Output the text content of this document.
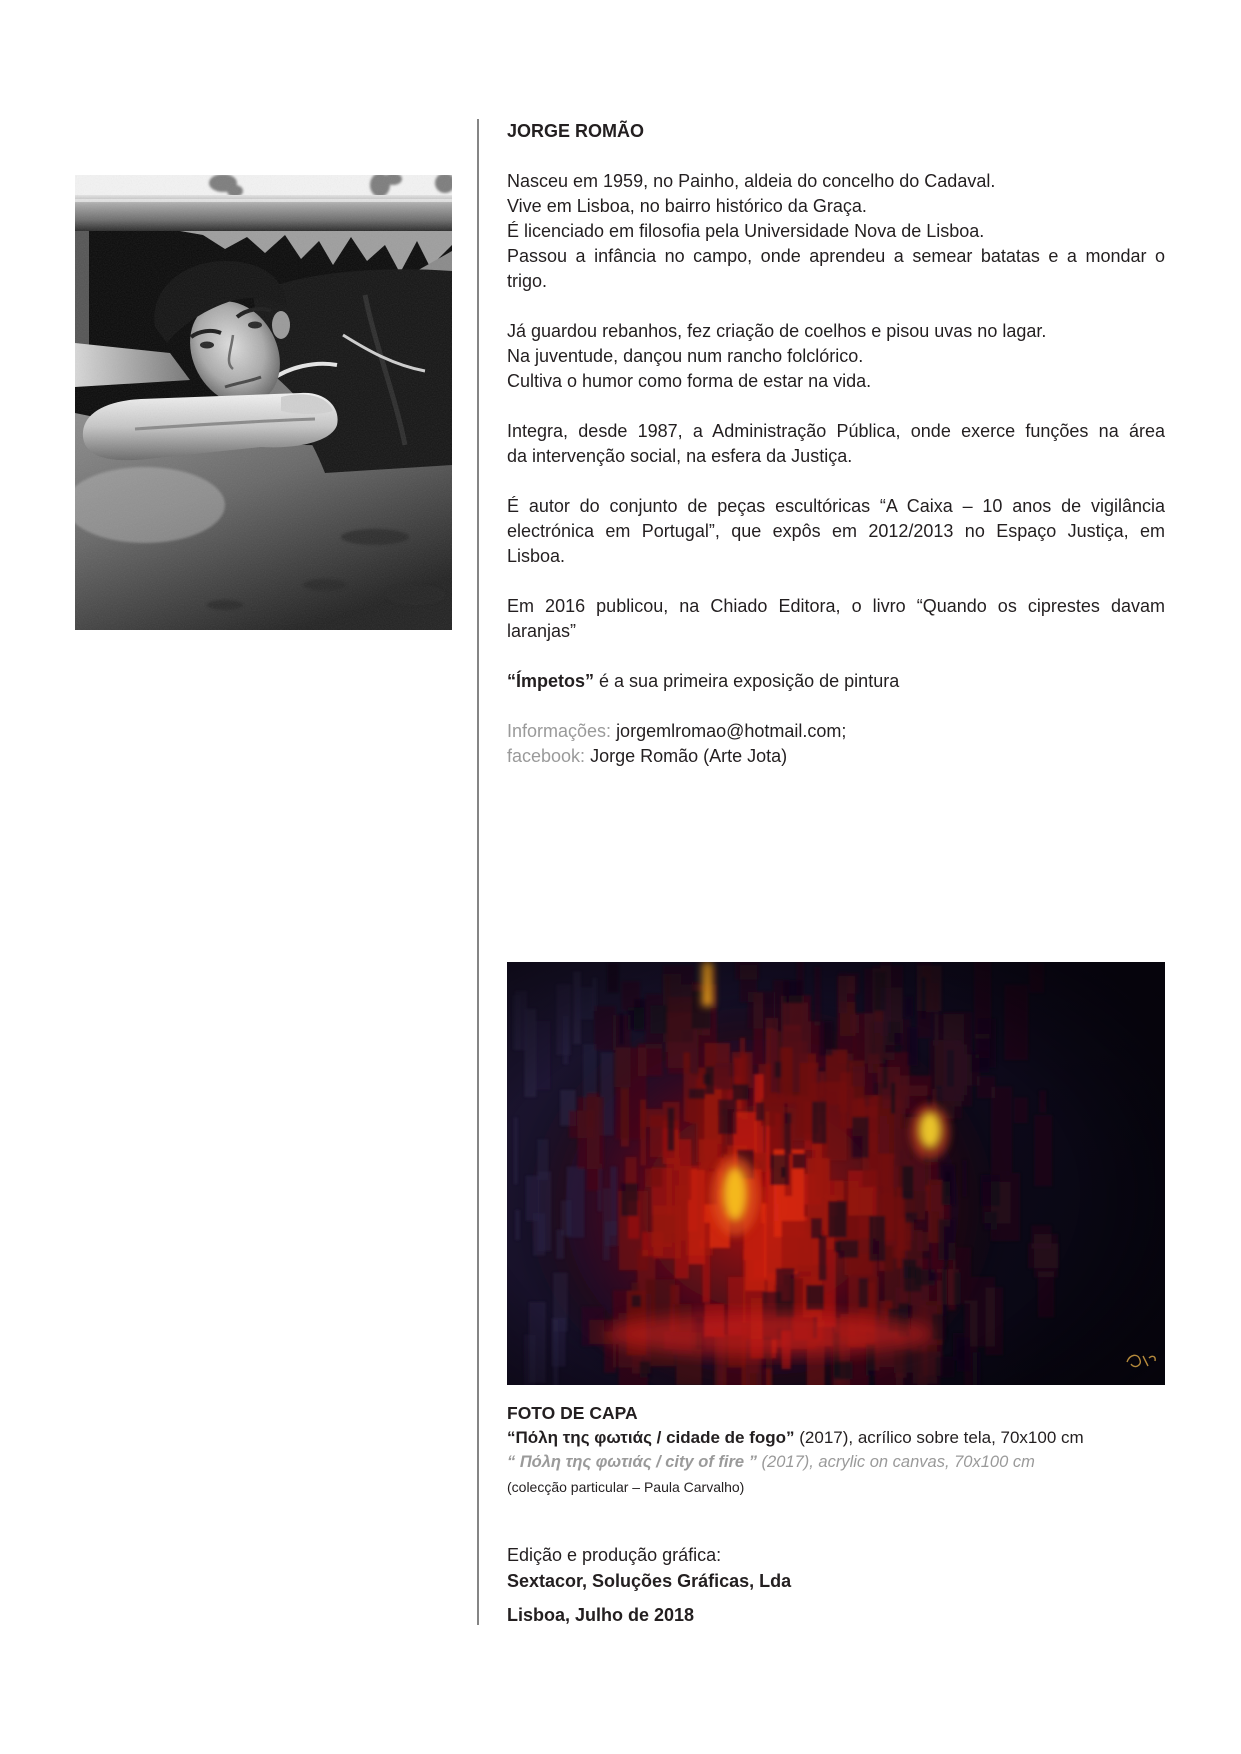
JORGE ROMÃO
Nasceu em 1959, no Painho, aldeia do concelho do Cadaval.
Vive em Lisboa, no bairro histórico da Graça.
É licenciado em filosofia pela Universidade Nova de Lisboa.
Passou a infância no campo, onde aprendeu a semear batatas e a mondar o
trigo.
Já guardou rebanhos, fez criação de coelhos e pisou uvas no lagar.
Na juventude, dançou num rancho folclórico.
Cultiva o humor como forma de estar na vida.
Integra, desde 1987, a Administração Pública, onde exerce funções na área
da intervenção social, na esfera da Justiça.
É autor do conjunto de peças escultóricas “A Caixa – 10 anos de vigilância
electrónica em Portugal”, que expôs em 2012/2013 no Espaço Justiça, em
Lisboa.
Em 2016 publicou, na Chiado Editora, o livro “Quando os ciprestes davam
laranjas”
“Ímpetos” é a sua primeira exposição de pintura
Informações: jorgemlromao@hotmail.com;
facebook: Jorge Romão (Arte Jota)
FOTO DE CAPA
“Πόλη της φωτιάς / cidade de fogo” (2017), acrílico sobre tela, 70x100 cm
“ Πόλη της φωτιάς / city of fire ” (2017), acrylic on canvas, 70x100 cm
(colecção particular – Paula Carvalho)
Edição e produção gráfica:
Sextacor, Soluções Gráficas, Lda
Lisboa, Julho de 2018
